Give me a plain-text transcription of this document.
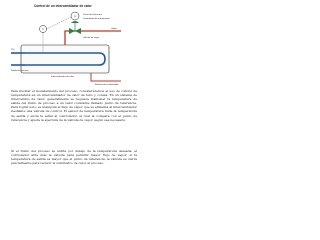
Control de un intercambiador de calor
TC
TT	Vapor
Punto de referencia
Controlador de temperatura
Válvula de vapor
Intercambiador de calor
Retorno de condensado
Fluido de proceso
T(t)

Para ilustrar el modelamiento del proceso, consideraremos el uso de control de temperatura en un intercambiador de calor de tubo y coraza. En un sistema de intercambio de calor, generalmente se requiere mantener la temperatura de salida del fluido de proceso a un valor constante llamado punto de referencia. Para lograr esto, se manipula el flujo de vapor que se alimenta al intercambiador mediante una válvula de control. El sensor de temperatura mide la temperatura de salida y envía la señal al controlador, el cual la compara con el punto de referencia y ajusta la apertura de la válvula de vapor según sea necesario.

Si el fluido del proceso se enfría por debajo de la temperatura deseada, el controlador abre más la válvula para permitir mayor flujo de vapor; si la temperatura de salida es mayor que el punto de referencia, la válvula se cierra parcialmente para reducir el suministro de calor al proceso.
